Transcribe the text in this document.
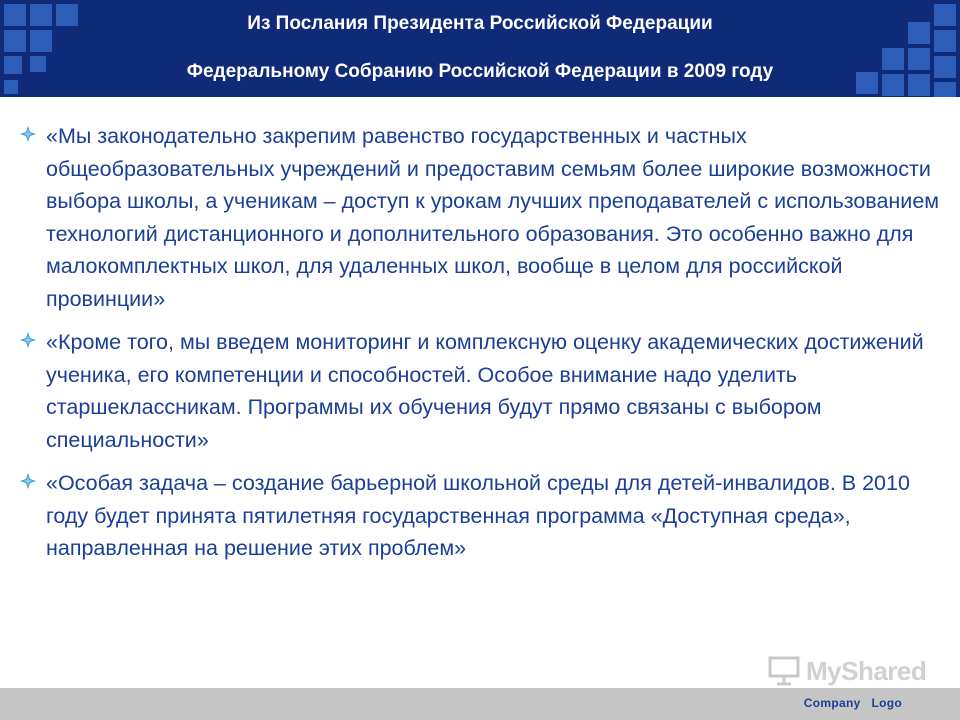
Из Послания Президента Российской Федерации
Федеральному Собранию Российской Федерации в 2009 году
«Мы законодательно закрепим равенство государственных и частных общеобразовательных учреждений и предоставим семьям более широкие возможности выбора школы, а ученикам – доступ к урокам лучших преподавателей с использованием технологий дистанционного и дополнительного образования. Это особенно важно для малокомплектных школ, для удаленных школ, вообще в целом для российской провинции»
«Кроме того, мы введем мониторинг и комплексную оценку академических достижений ученика, его компетенции и способностей. Особое внимание надо уделить старшеклассникам. Программы их обучения будут прямо связаны с выбором специальности»
«Особая задача – создание барьерной школьной среды для детей-инвалидов. В 2010 году будет принята пятилетняя государственная программа «Доступная среда», направленная на решение этих проблем»
MyShared
Company   Logo
